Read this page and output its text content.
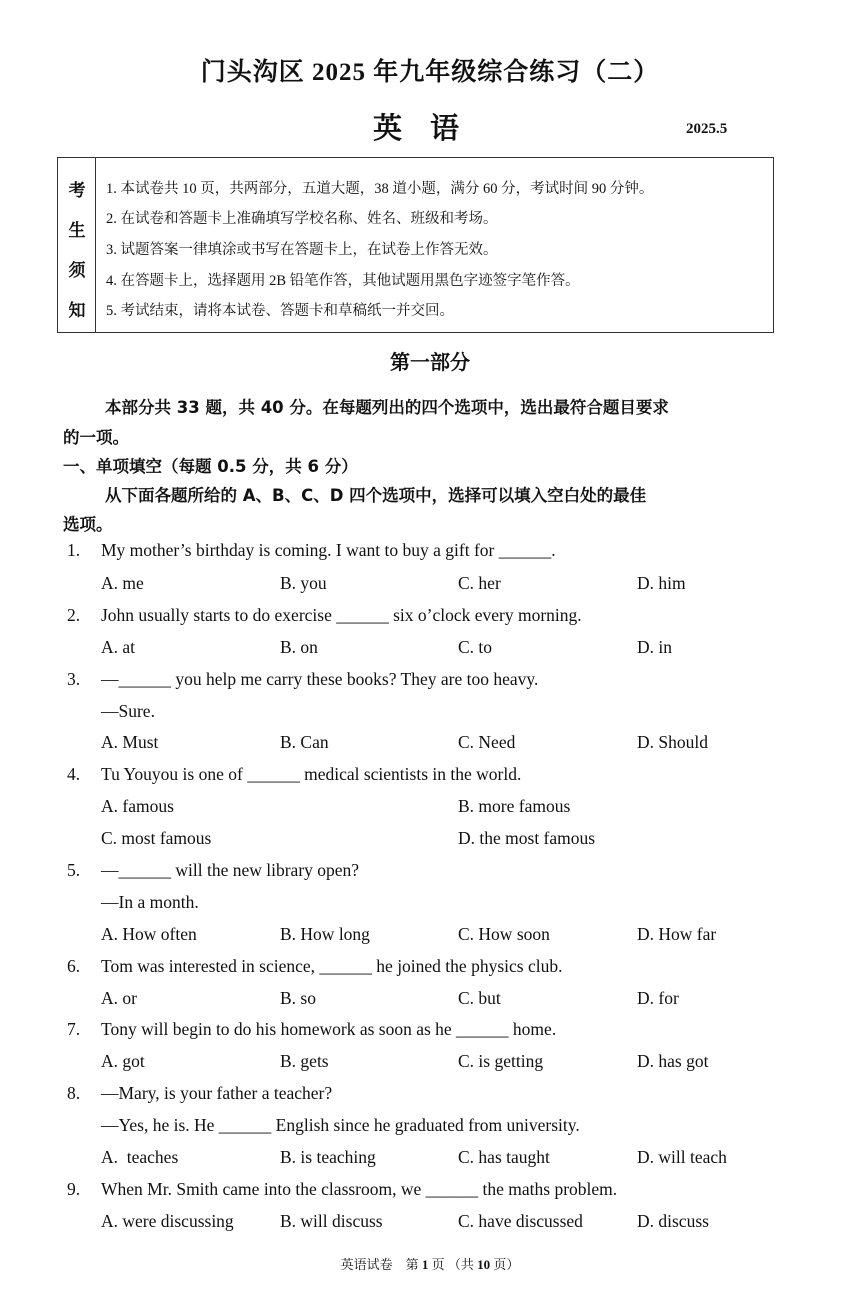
门头沟区 2025 年九年级综合练习（二）
英语	2025.5
考
生
须
知
1. 本试卷共 10 页，共两部分，五道大题，38 道小题，满分 60 分，考试时间 90 分钟。
2. 在试卷和答题卡上准确填写学校名称、姓名、班级和考场。
3. 试题答案一律填涂或书写在答题卡上，在试卷上作答无效。
4. 在答题卡上，选择题用 2B 铅笔作答，其他试题用黑色字迹签字笔作答。
5. 考试结束，请将本试卷、答题卡和草稿纸一并交回。
第一部分
本部分共 33 题，共 40 分。在每题列出的四个选项中，选出最符合题目要求
的一项。
一、单项填空（每题 0.5 分，共 6 分）
从下面各题所给的 A、B、C、D 四个选项中，选择可以填入空白处的最佳
选项。
1. My mother’s birthday is coming. I want to buy a gift for ______.
A. me	B. you	C. her	D. him
2. John usually starts to do exercise ______ six o’clock every morning.
A. at	B. on	C. to	D. in
3. —______ you help me carry these books? They are too heavy.
—Sure.
A. Must	B. Can	C. Need	D. Should
4. Tu Youyou is one of ______ medical scientists in the world.
A. famous	B. more famous
C. most famous	D. the most famous
5. —______ will the new library open?
—In a month.
A. How often	B. How long	C. How soon	D. How far
6. Tom was interested in science, ______ he joined the physics club.
A. or	B. so	C. but	D. for
7. Tony will begin to do his homework as soon as he ______ home.
A. got	B. gets	C. is getting	D. has got
8. —Mary, is your father a teacher?
—Yes, he is. He ______ English since he graduated from university.
A.  teaches	B. is teaching	C. has taught	D. will teach
9. When Mr. Smith came into the classroom, we ______ the maths problem.
A. were discussing	B. will discuss	C. have discussed	D. discuss
英语试卷　第 1 页 （共 10 页）
